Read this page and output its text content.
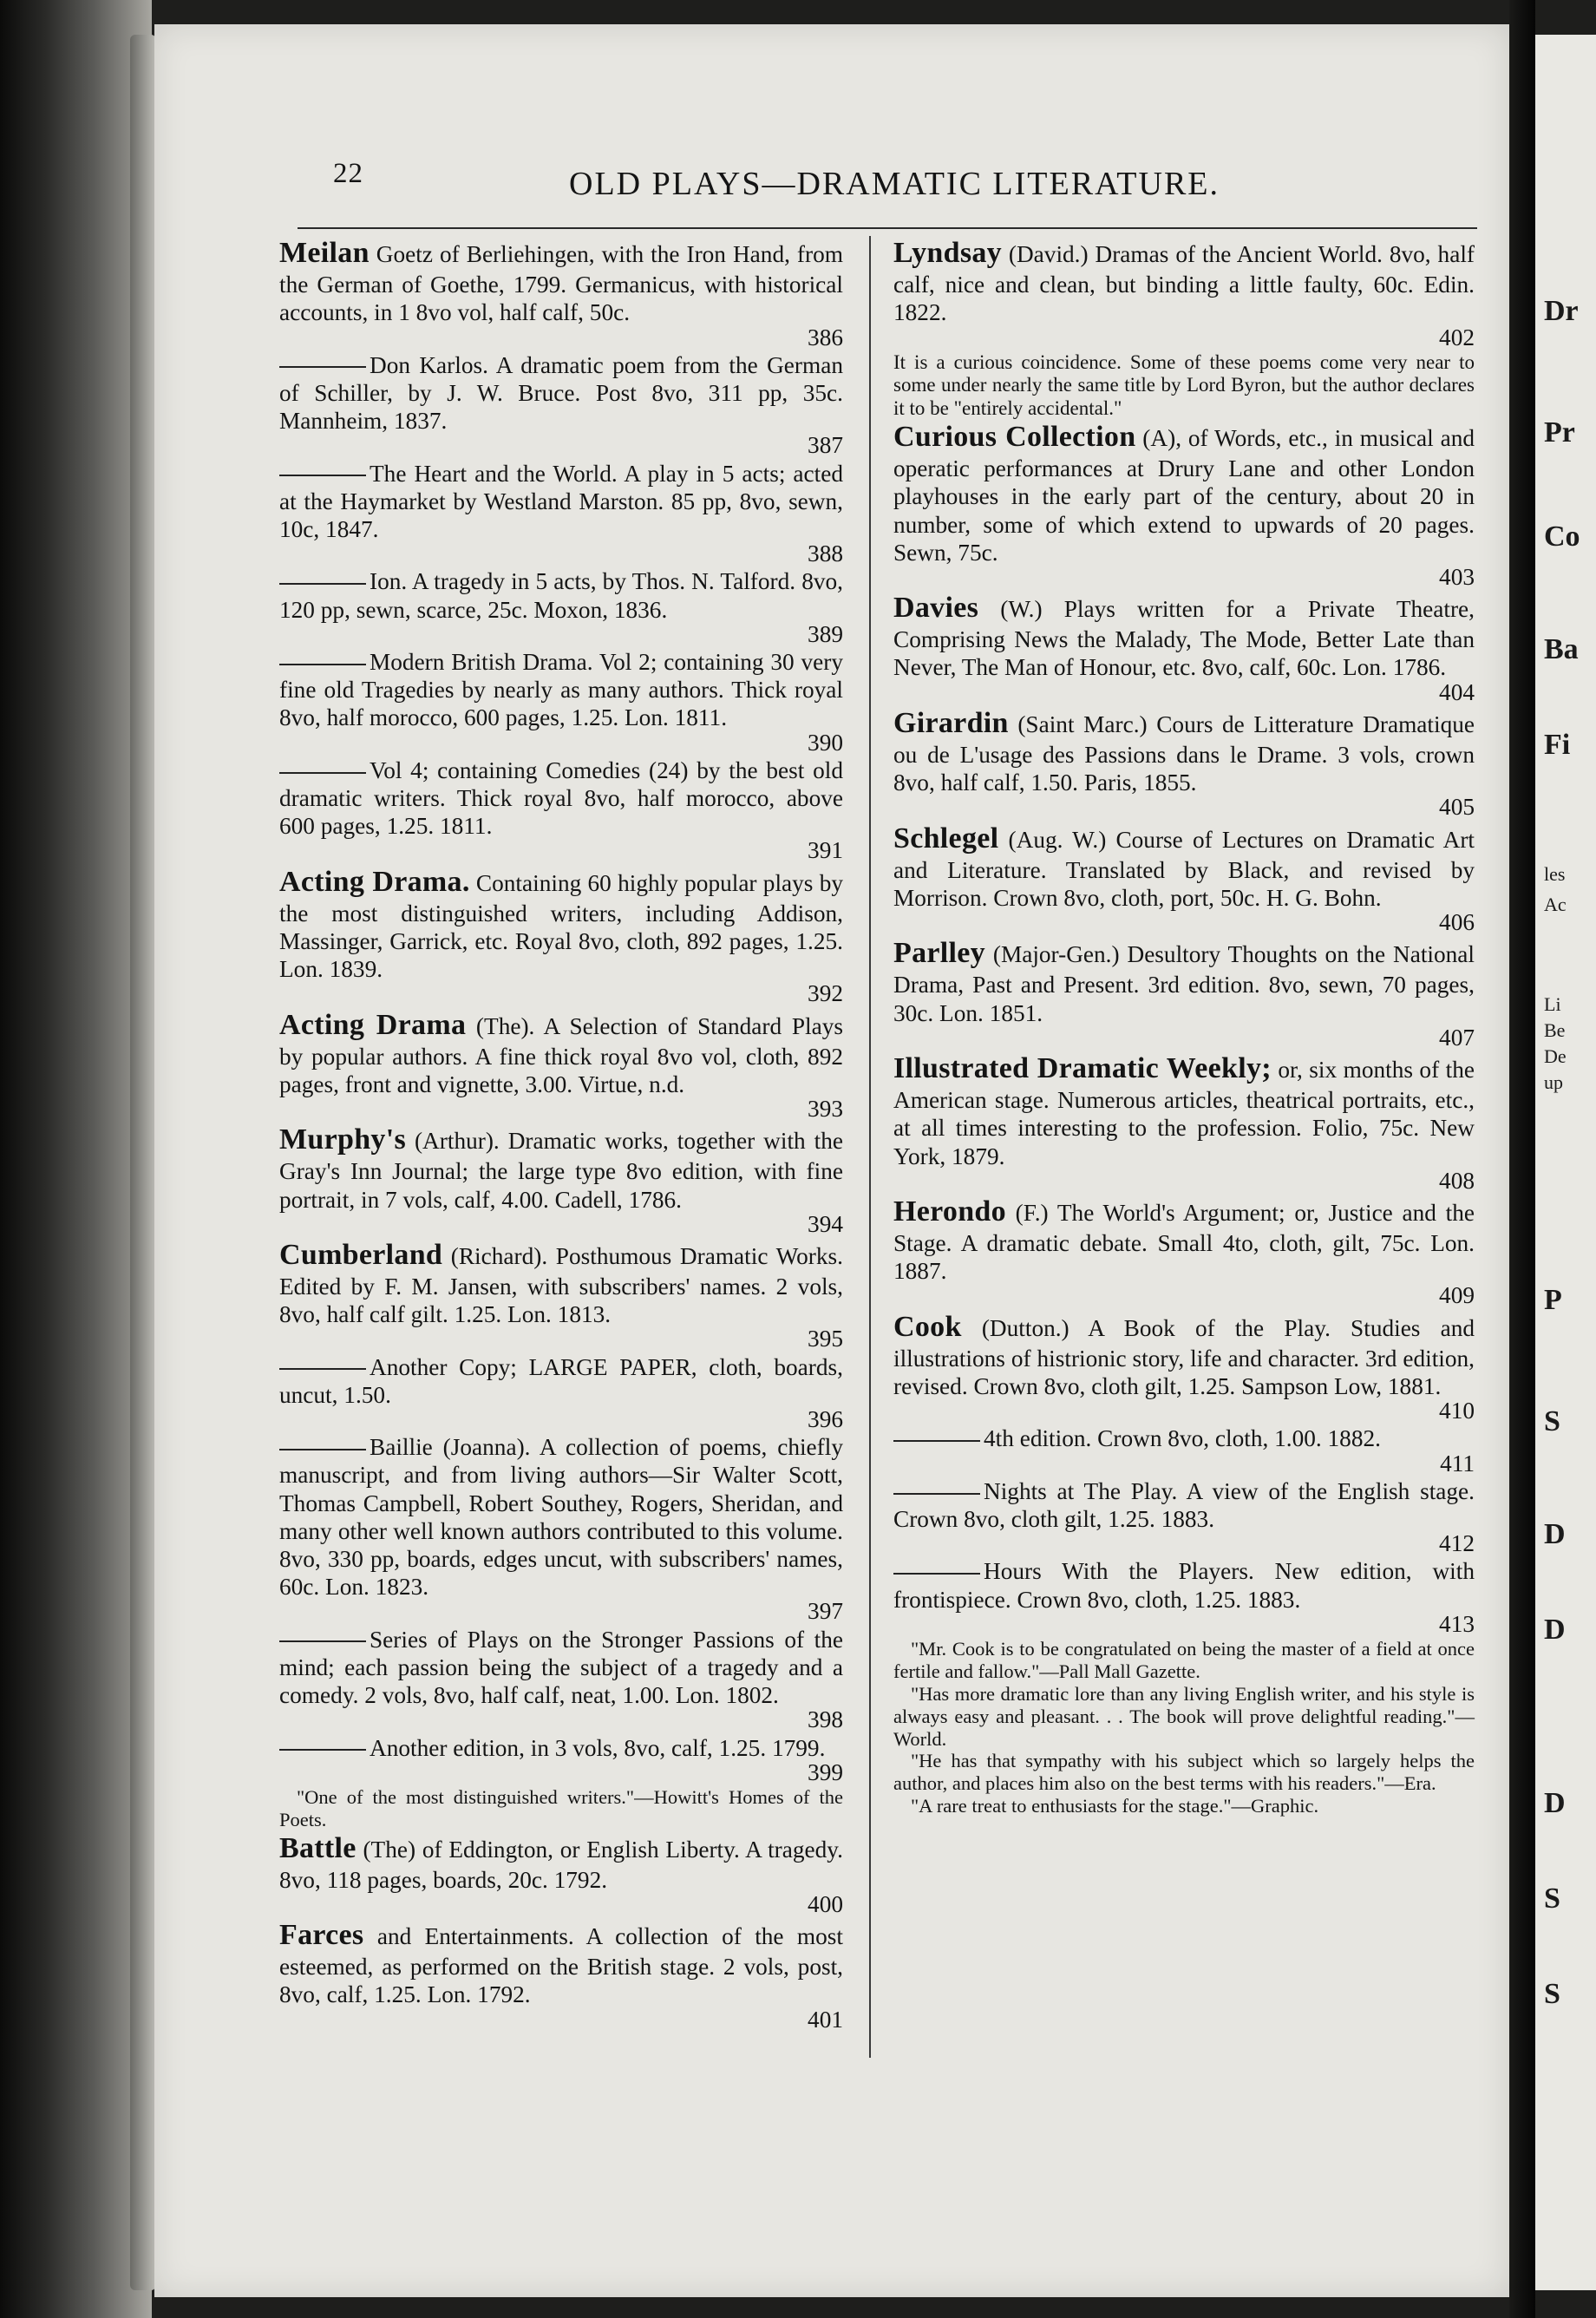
Dr
Pr
Co
Ba
Fi
les
Ac
Li
Be
De
up
P
S
D
D
D
S
S
22	OLD PLAYS—DRAMATIC LITERATURE.

Meilan Goetz of Berliehingen, with the Iron Hand, from the German of Goethe, 1799. Germanicus, with historical accounts, in 1 8vo vol, half calf, 50c.

386

Don Karlos. A dramatic poem from the German of Schiller, by J. W. Bruce. Post 8vo, 311 pp, 35c. Mannheim, 1837.

387

The Heart and the World. A play in 5 acts; acted at the Haymarket by Westland Marston. 85 pp, 8vo, sewn, 10c, 1847.

388

Ion. A tragedy in 5 acts, by Thos. N. Talford. 8vo, 120 pp, sewn, scarce, 25c. Moxon, 1836.

389

Modern British Drama. Vol 2; containing 30 very fine old Tragedies by nearly as many authors. Thick royal 8vo, half morocco, 600 pages, 1.25. Lon. 1811.

390

Vol 4; containing Comedies (24) by the best old dramatic writers. Thick royal 8vo, half morocco, above 600 pages, 1.25. 1811.

391

Acting Drama. Containing 60 highly popular plays by the most distinguished writers, including Addison, Massinger, Garrick, etc. Royal 8vo, cloth, 892 pages, 1.25. Lon. 1839.

392

Acting Drama (The). A Selection of Standard Plays by popular authors. A fine thick royal 8vo vol, cloth, 892 pages, front and vignette, 3.00. Virtue, n.d.

393

Murphy's (Arthur). Dramatic works, together with the Gray's Inn Journal; the large type 8vo edition, with fine portrait, in 7 vols, calf, 4.00. Cadell, 1786.

394

Cumberland (Richard). Posthumous Dramatic Works. Edited by F. M. Jansen, with subscribers' names. 2 vols, 8vo, half calf gilt. 1.25. Lon. 1813.

395

Another Copy; LARGE PAPER, cloth, boards, uncut, 1.50.

396

Baillie (Joanna). A collection of poems, chiefly manuscript, and from living authors—Sir Walter Scott, Thomas Campbell, Robert Southey, Rogers, Sheridan, and many other well known authors contributed to this volume. 8vo, 330 pp, boards, edges uncut, with subscribers' names, 60c. Lon. 1823.

397

Series of Plays on the Stronger Passions of the mind; each passion being the subject of a tragedy and a comedy. 2 vols, 8vo, half calf, neat, 1.00. Lon. 1802.

398

Another edition, in 3 vols, 8vo, calf, 1.25. 1799.

399

"One of the most distinguished writers."—Howitt's Homes of the Poets.

Battle (The) of Eddington, or English Liberty. A tragedy. 8vo, 118 pages, boards, 20c. 1792.

400

Farces and Entertainments. A collection of the most esteemed, as performed on the British stage. 2 vols, post, 8vo, calf, 1.25. Lon. 1792.

401

Lyndsay (David.) Dramas of the Ancient World. 8vo, half calf, nice and clean, but binding a little faulty, 60c. Edin. 1822.

402

It is a curious coincidence. Some of these poems come very near to some under nearly the same title by Lord Byron, but the author declares it to be "entirely accidental."

Curious Collection (A), of Words, etc., in musical and operatic performances at Drury Lane and other London playhouses in the early part of the century, about 20 in number, some of which extend to upwards of 20 pages. Sewn, 75c.

403

Davies (W.) Plays written for a Private Theatre, Comprising News the Malady, The Mode, Better Late than Never, The Man of Honour, etc. 8vo, calf, 60c. Lon. 1786.

404

Girardin (Saint Marc.) Cours de Litterature Dramatique ou de L'usage des Passions dans le Drame. 3 vols, crown 8vo, half calf, 1.50. Paris, 1855.

405

Schlegel (Aug. W.) Course of Lectures on Dramatic Art and Literature. Translated by Black, and revised by Morrison. Crown 8vo, cloth, port, 50c. H. G. Bohn.

406

Parlley (Major-Gen.) Desultory Thoughts on the National Drama, Past and Present. 3rd edition. 8vo, sewn, 70 pages, 30c. Lon. 1851.

407

Illustrated Dramatic Weekly; or, six months of the American stage. Numerous articles, theatrical portraits, etc., at all times interesting to the profession. Folio, 75c. New York, 1879.

408

Herondo (F.) The World's Argument; or, Justice and the Stage. A dramatic debate. Small 4to, cloth, gilt, 75c. Lon. 1887.

409

Cook (Dutton.) A Book of the Play. Studies and illustrations of histrionic story, life and character. 3rd edition, revised. Crown 8vo, cloth gilt, 1.25. Sampson Low, 1881.

410

4th edition. Crown 8vo, cloth, 1.00. 1882.

411

Nights at The Play. A view of the English stage. Crown 8vo, cloth gilt, 1.25. 1883.

412

Hours With the Players. New edition, with frontispiece. Crown 8vo, cloth, 1.25. 1883.

413

"Mr. Cook is to be congratulated on being the master of a field at once fertile and fallow."—Pall Mall Gazette.

"Has more dramatic lore than any living English writer, and his style is always easy and pleasant. . . The book will prove delightful reading."—World.

"He has that sympathy with his subject which so largely helps the author, and places him also on the best terms with his readers."—Era.

"A rare treat to enthusiasts for the stage."—Graphic.
